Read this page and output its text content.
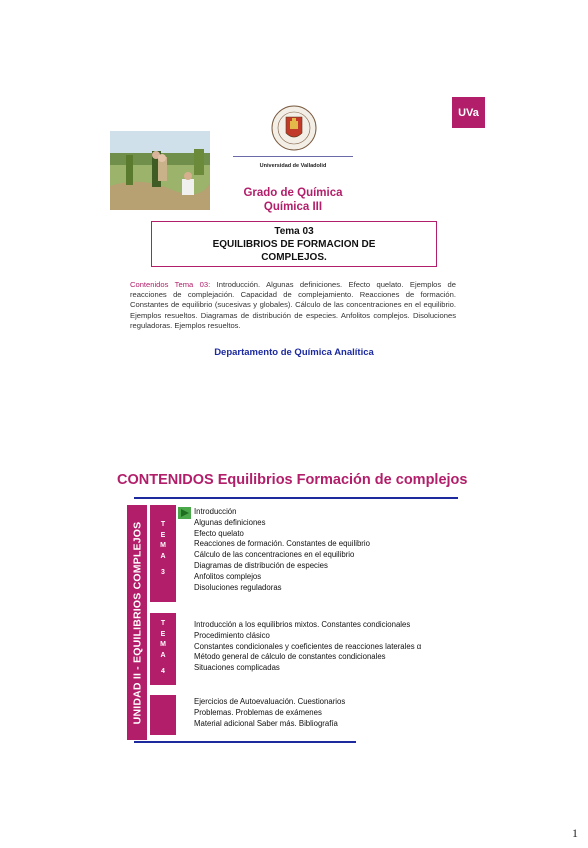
UVa
Universidad de Valladolid
Grado de Química
Química III
Tema 03
EQUILIBRIOS DE FORMACION DE
COMPLEJOS.
Contenidos Tema 03: Introducción. Algunas definiciones. Efecto quelato. Ejemplos de reacciones de complejación. Capacidad de complejamiento. Reacciones de formación. Constantes de equilibrio (sucesivas y globales). Cálculo de las concentraciones en el equilibrio. Ejemplos resueltos. Diagramas de distribución de especies. Anfolitos complejos. Disoluciones reguladoras. Ejemplos resueltos.
Departamento de Química Analítica
CONTENIDOS Equilibrios Formación de complejos
UNIDAD II - EQUILIBRIOS COMPLEJOS	T
E
M
A
3
T
E
M
A
4
Introducción
Algunas definiciones
Efecto quelato
Reacciones de formación. Constantes de equilibrio
Cálculo de las concentraciones en el equilibrio
Diagramas de distribución de especies
Anfolitos complejos
Disoluciones reguladoras
Introducción a los equilibrios mixtos. Constantes condicionales
Procedimiento clásico
Constantes condicionales y coeficientes de reacciones laterales α
Método general de cálculo de constantes condicionales
Situaciones complicadas
Ejercicios de Autoevaluación. Cuestionarios
Problemas. Problemas de exámenes
Material adicional Saber más. Bibliografía
1
